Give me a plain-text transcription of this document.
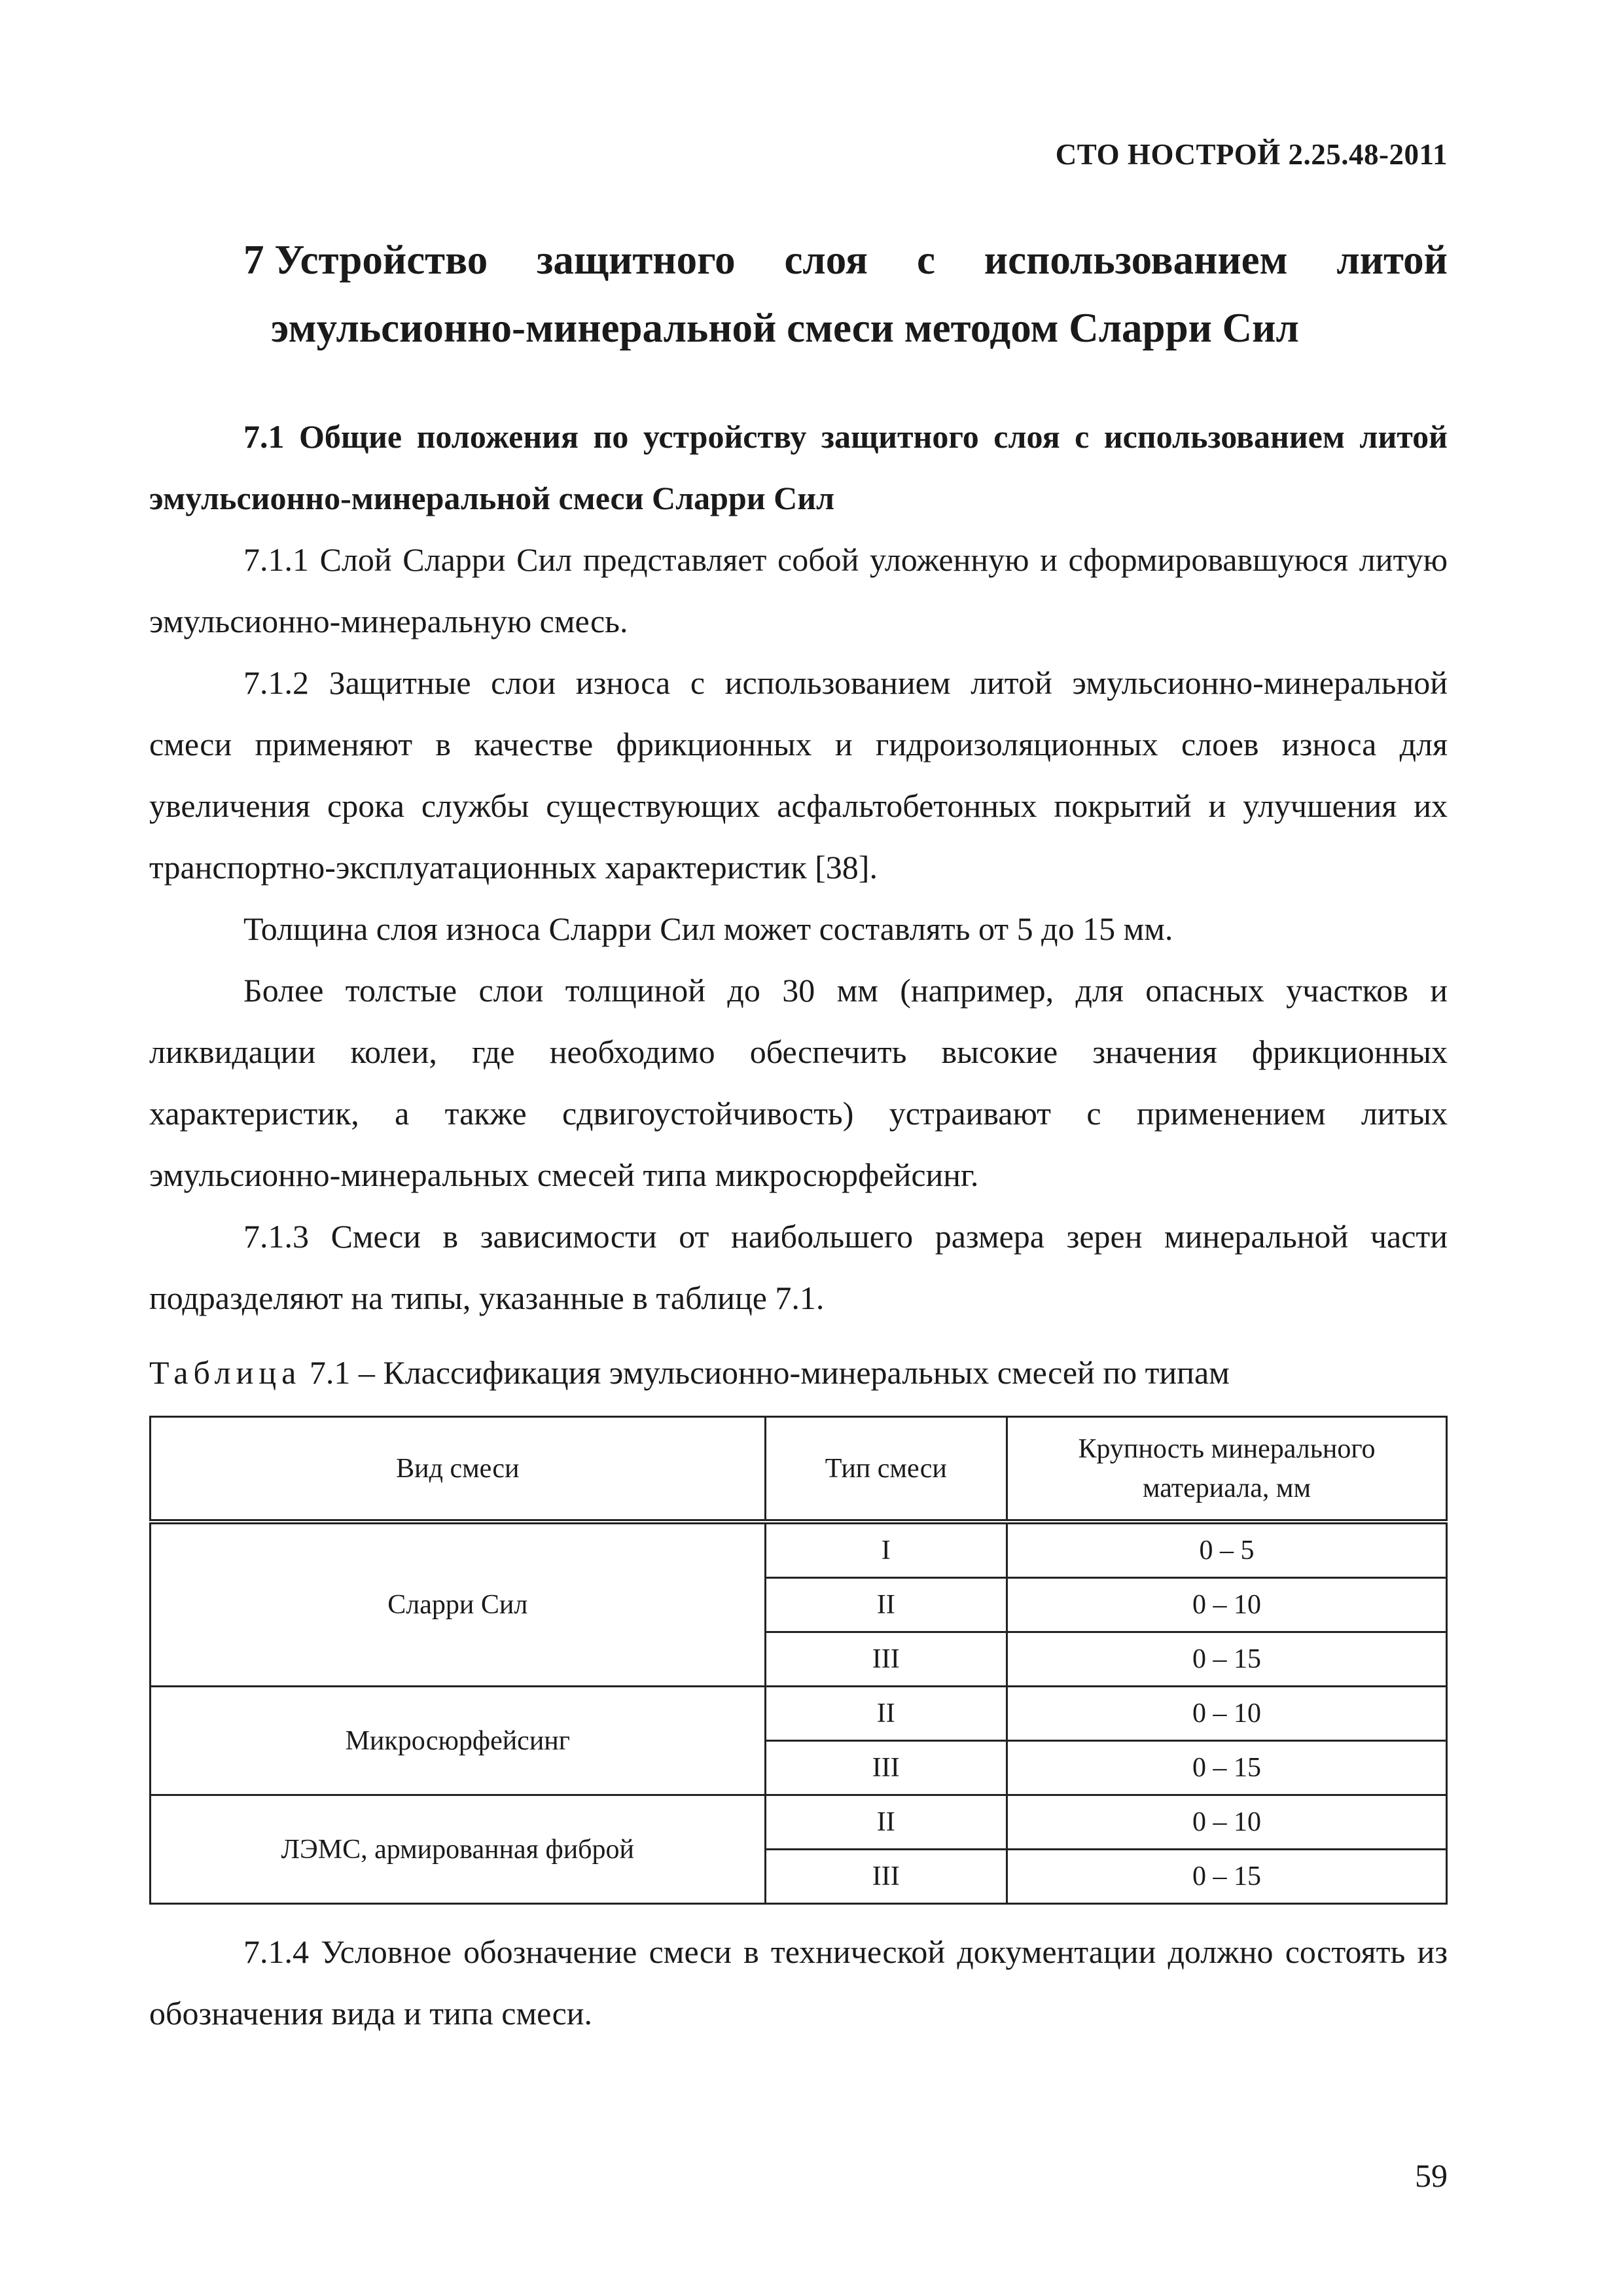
СТО НОСТРОЙ 2.25.48-2011
7 Устройство защитного слоя с использованием литой
эмульсионно-минеральной смеси методом Сларри Сил

7.1 Общие положения по устройству защитного слоя с использованием литой эмульсионно-минеральной смеси Сларри Сил

7.1.1 Слой Сларри Сил представляет собой уложенную и сформировавшуюся литую эмульсионно-минеральную смесь.

7.1.2 Защитные слои износа с использованием литой эмульсионно-минеральной смеси применяют в качестве фрикционных и гидроизоляционных слоев износа для увеличения срока службы существующих асфальтобетонных покрытий и улучшения их транспортно-эксплуатационных характеристик [38].

Толщина слоя износа Сларри Сил может составлять от 5 до 15 мм.

Более толстые слои толщиной до 30 мм (например, для опасных участков и ликвидации колеи, где необходимо обеспечить высокие значения фрикционных характеристик, а также сдвигоустойчивость) устраивают с применением литых эмульсионно-минеральных смесей типа микросюрфейсинг.

7.1.3 Смеси в зависимости от наибольшего размера зерен минеральной части подразделяют на типы, указанные в таблице 7.1.

Таблица 7.1 – Классификация эмульсионно-минеральных смесей по типам
Вид смеси	Тип смеси	Крупность минерального материала, мм
Сларри Сил	I	0 – 5
	II	0 – 10
	III	0 – 15
Микросюрфейсинг	II	0 – 10
	III	0 – 15
ЛЭМС, армированная фиброй	II	0 – 10
	III	0 – 15

7.1.4 Условное обозначение смеси в технической документации должно состоять из обозначения вида и типа смеси.

59
